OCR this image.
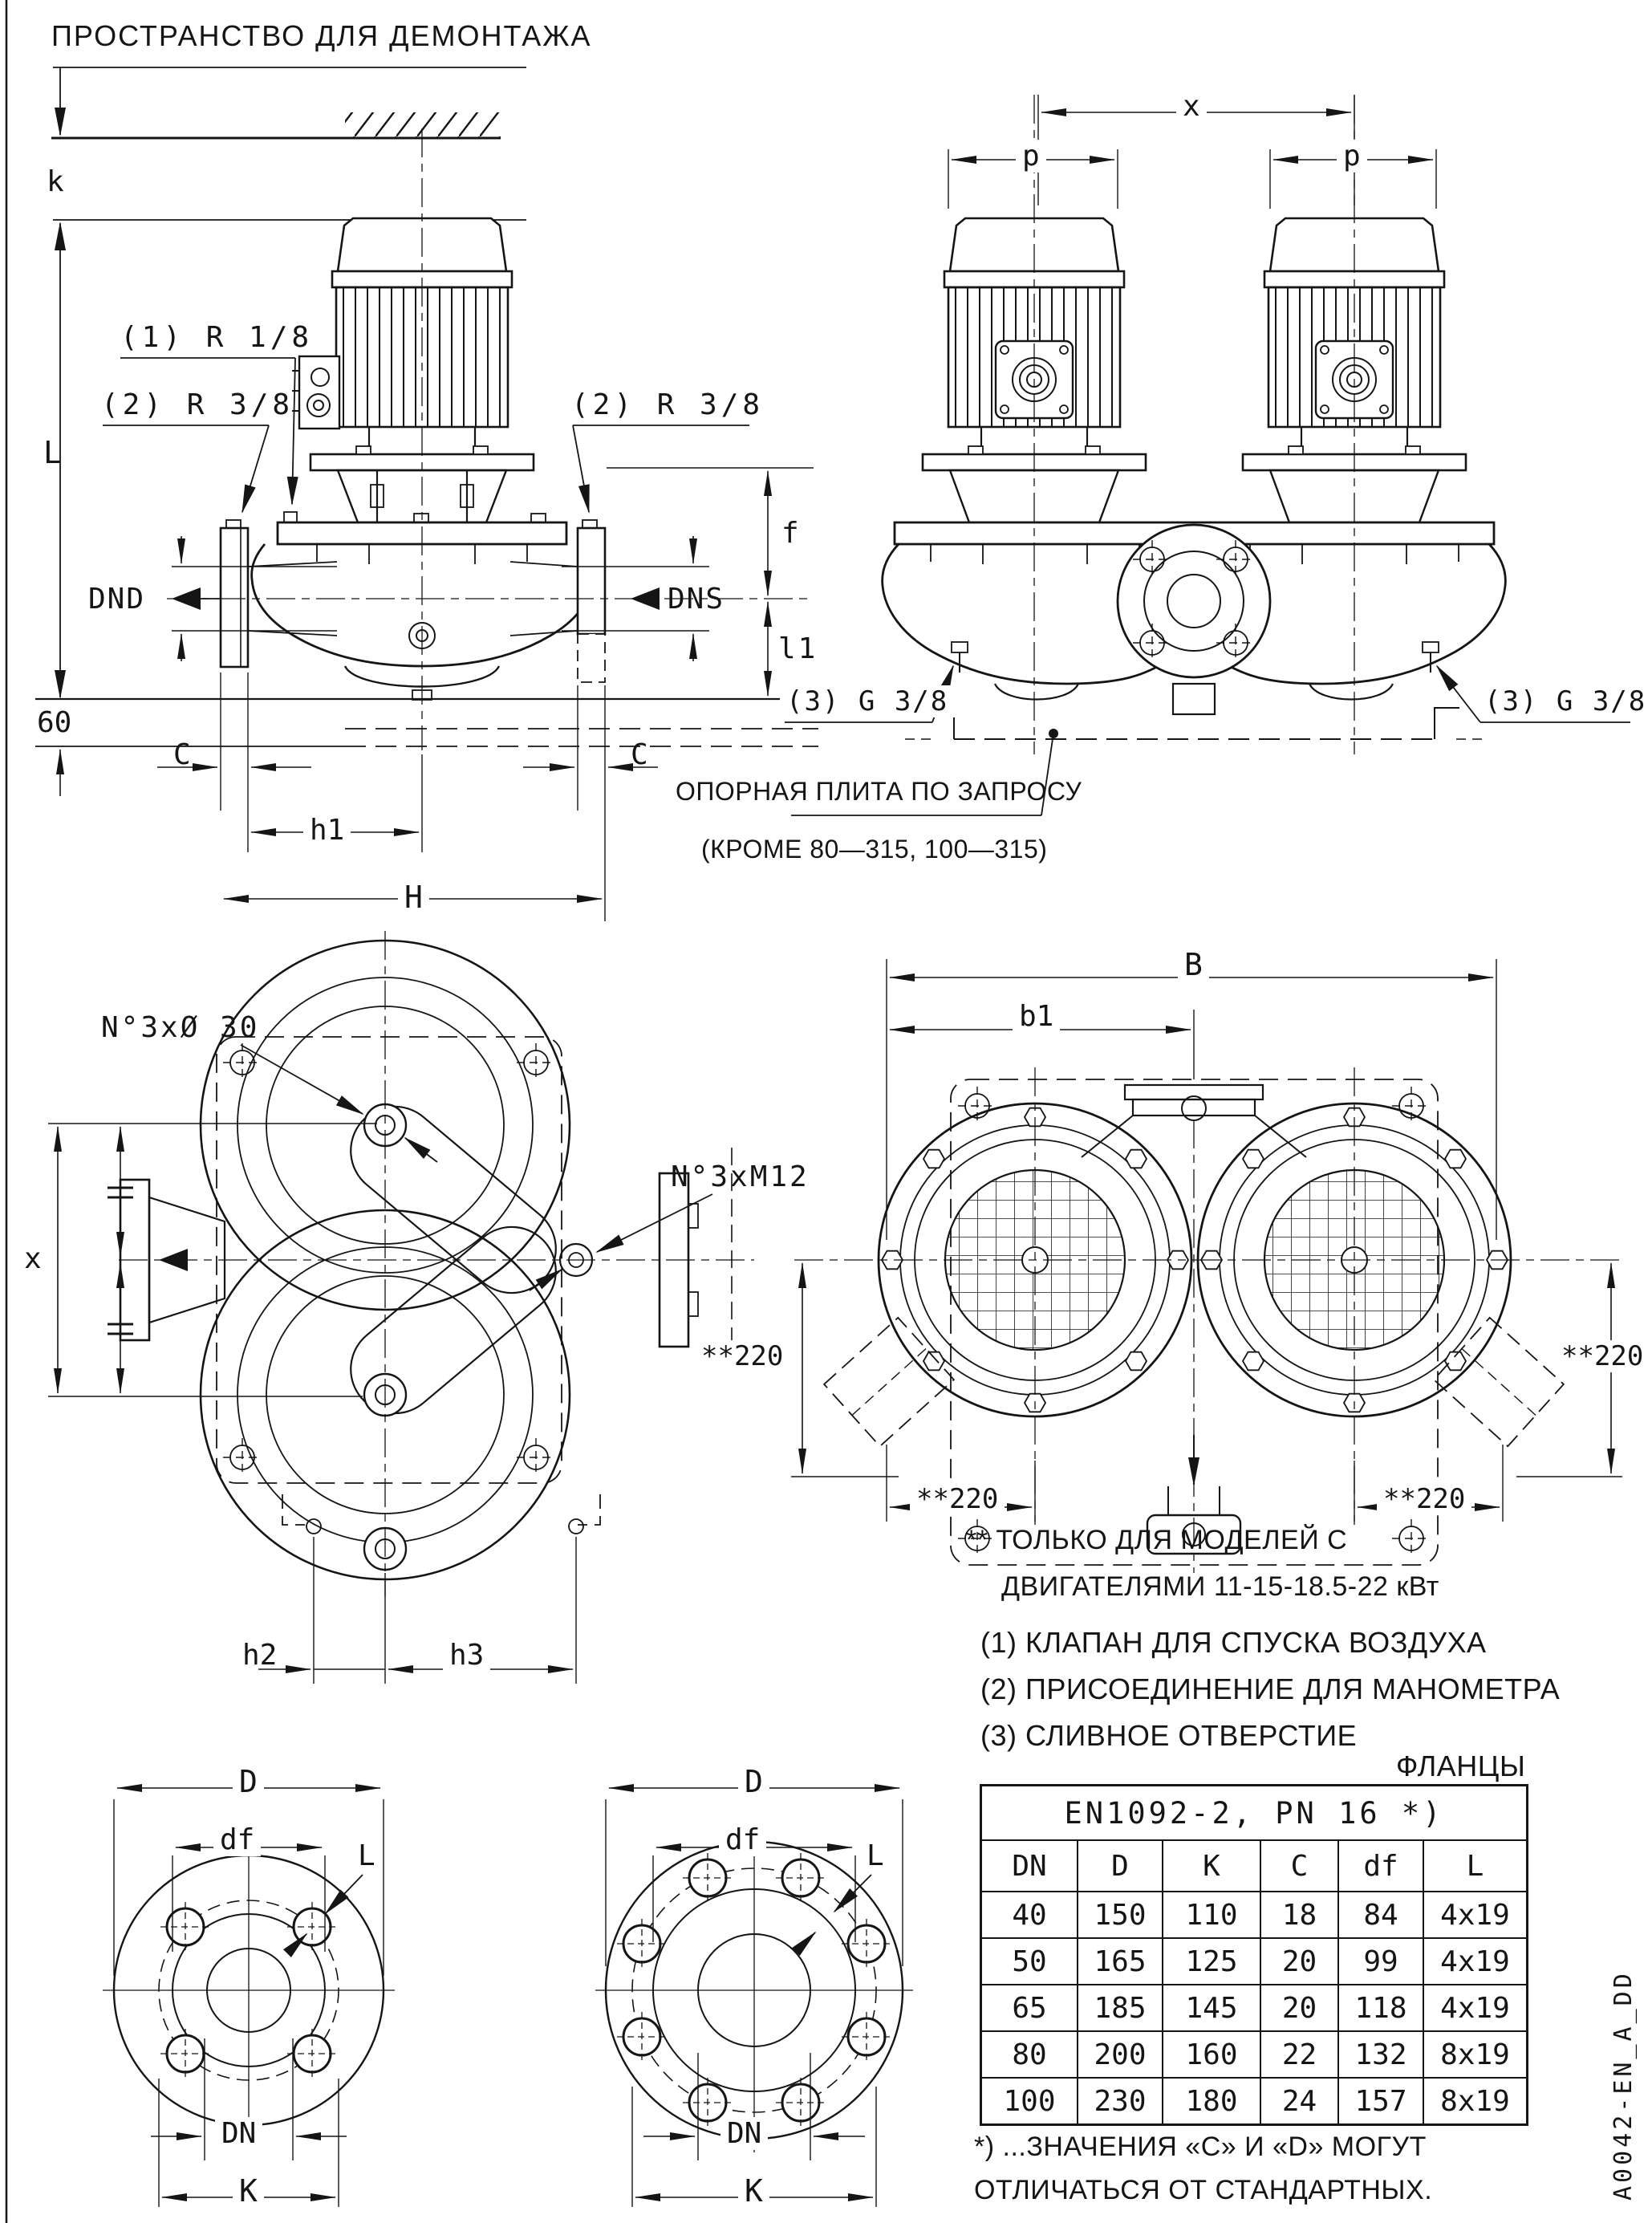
ПРОСТРАНСТВО ДЛЯ ДЕМОНТАЖА
k
(1) R 1/8
(2) R 3/8	(2) R 3/8
L
DND	DNS
f
l1
60
C	C
h1
H
x
p	p
(3) G 3/8	(3) G 3/8
ОПОРНАЯ ПЛИТА ПО ЗАПРОСУ
(КРОМЕ 80—315, 100—315)
N°3xØ 30
N°3xM12
x
h2	h3
B
b1
**220	**220
**220	**220
** ТОЛЬКО ДЛЯ МОДЕЛЕЙ С
ДВИГАТЕЛЯМИ 11-15-18.5-22 кВт
(1) КЛАПАН ДЛЯ СПУСКА ВОЗДУХА
(2) ПРИСОЕДИНЕНИЕ ДЛЯ МАНОМЕТРА
(3) СЛИВНОЕ ОТВЕРСТИЕ
ФЛАНЦЫ
D
df	L
DN
K
D
df	L
DN
K
EN1092-2, PN 16 *)					
DN	D	K	C	df	L
40	150	110	18	84	4x19
50	165	125	20	99	4x19
65	185	145	20	118	4x19
80	200	160	22	132	8x19
100	230	180	24	157	8x19
*) ...ЗНАЧЕНИЯ «C» И «D» МОГУТ
ОТЛИЧАТЬСЯ ОТ СТАНДАРТНЫХ.	A0042-EN_A_DD
